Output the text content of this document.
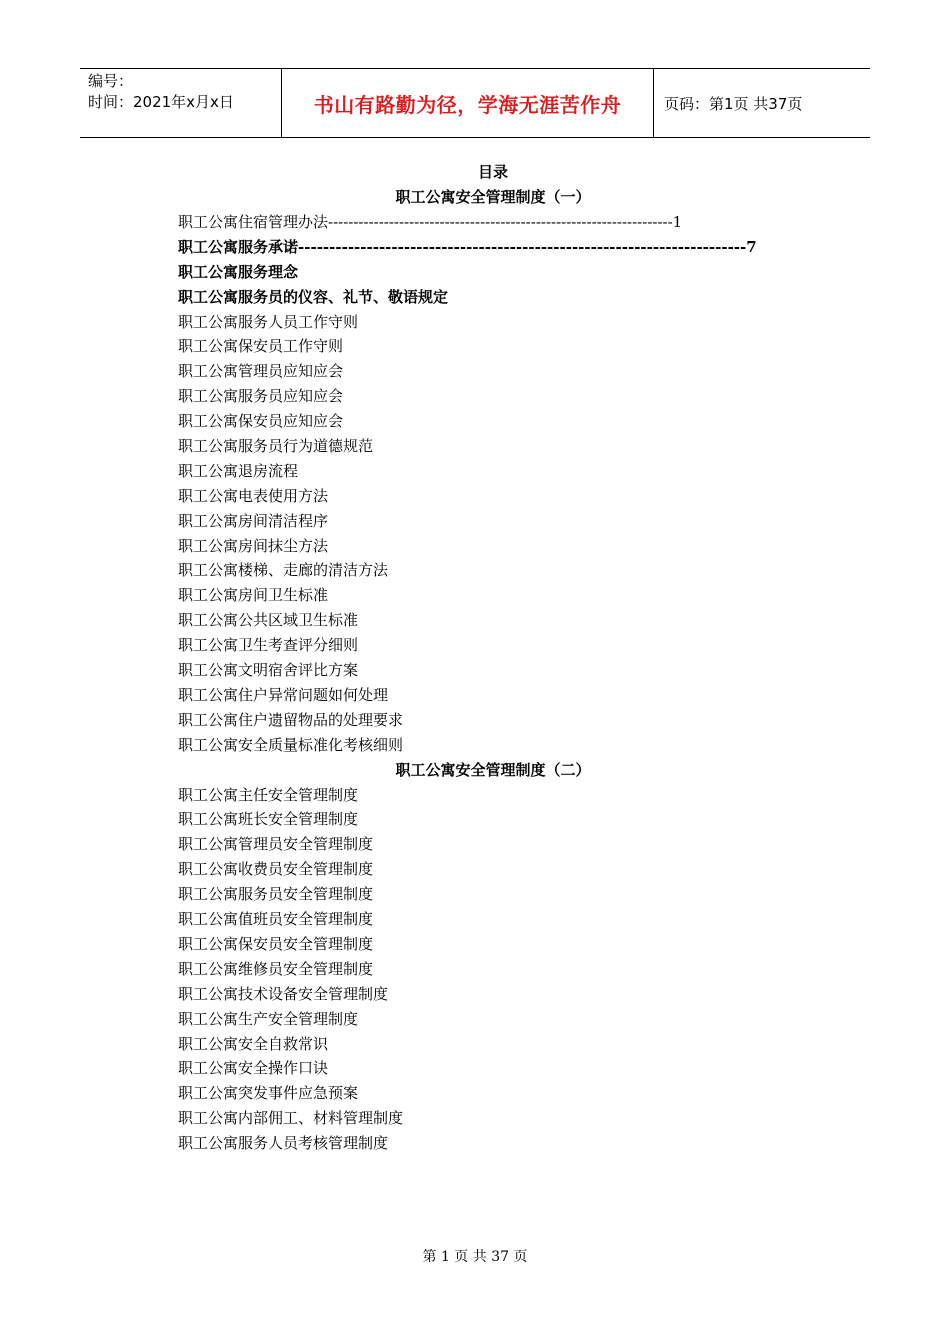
编号：
时间：2021年x月x日	书山有路勤为径，学海无涯苦作舟	页码：第1页 共37页
目录
职工公寓安全管理制度（一）
职工公寓住宿管理办法--------------------------------------------------------------------1
职工公寓服务承诺------------------------------------------------------------------------7
职工公寓服务理念
职工公寓服务员的仪容、礼节、敬语规定
职工公寓服务人员工作守则
职工公寓保安员工作守则
职工公寓管理员应知应会
职工公寓服务员应知应会
职工公寓保安员应知应会
职工公寓服务员行为道德规范
职工公寓退房流程
职工公寓电表使用方法
职工公寓房间清洁程序
职工公寓房间抹尘方法
职工公寓楼梯、走廊的清洁方法
职工公寓房间卫生标准
职工公寓公共区域卫生标准
职工公寓卫生考查评分细则
职工公寓文明宿舍评比方案
职工公寓住户异常问题如何处理
职工公寓住户遗留物品的处理要求
职工公寓安全质量标准化考核细则
职工公寓安全管理制度（二）
职工公寓主任安全管理制度
职工公寓班长安全管理制度
职工公寓管理员安全管理制度
职工公寓收费员安全管理制度
职工公寓服务员安全管理制度
职工公寓值班员安全管理制度
职工公寓保安员安全管理制度
职工公寓维修员安全管理制度
职工公寓技术设备安全管理制度
职工公寓生产安全管理制度
职工公寓安全自救常识
职工公寓安全操作口诀
职工公寓突发事件应急预案
职工公寓内部佣工、材料管理制度
职工公寓服务人员考核管理制度
第 1 页 共 37 页
